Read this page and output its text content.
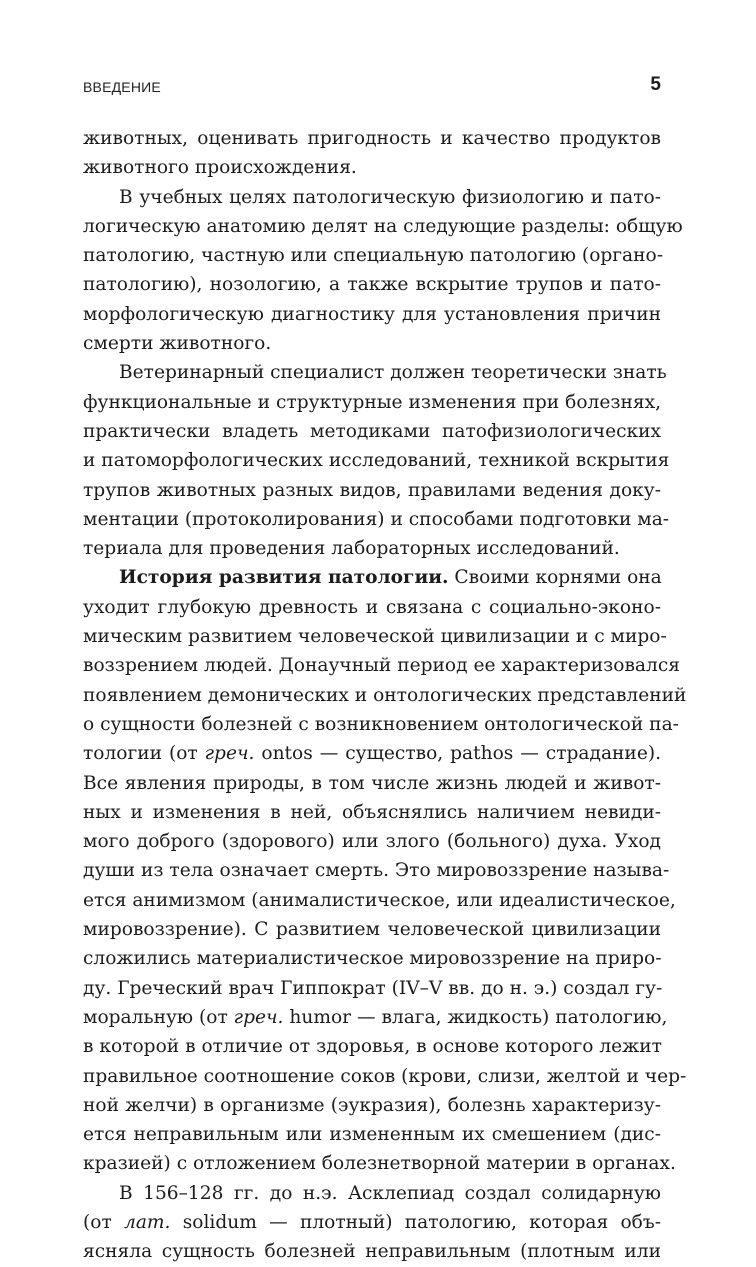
ВВЕДЕНИЕ	5
животных, оценивать пригодность и качество продуктов
животного происхождения.
В учебных целях патологическую физиологию и пато-
логическую анатомию делят на следующие разделы: общую
патологию, частную или специальную патологию (органо-
патологию), нозологию, а также вскрытие трупов и пато-
морфологическую диагностику для установления причин
смерти животного.
Ветеринарный специалист должен теоретически знать
функциональные и структурные изменения при болезнях,
практически владеть методиками патофизиологических
и патоморфологических исследований, техникой вскрытия
трупов животных разных видов, правилами ведения доку-
ментации (протоколирования) и способами подготовки ма-
териала для проведения лабораторных исследований.
История развития патологии. Своими корнями она
уходит глубокую древность и связана с социально-эконо-
мическим развитием человеческой цивилизации и с миро-
воззрением людей. Донаучный период ее характеризовался
появлением демонических и онтологических представлений
о сущности болезней с возникновением онтологической па-
тологии (от греч. ontos — существо, pathos — страдание).
Все явления природы, в том числе жизнь людей и живот-
ных и изменения в ней, объяснялись наличием невиди-
мого доброго (здорового) или злого (больного) духа. Уход
души из тела означает смерть. Это мировоззрение называ-
ется анимизмом (анималистическое, или идеалистическое,
мировоззрение). С развитием человеческой цивилизации
сложились материалистическое мировоззрение на приро-
ду. Греческий врач Гиппократ (IV–V вв. до н. э.) создал гу-
моральную (от греч. humor — влага, жидкость) патологию,
в которой в отличие от здоровья, в основе которого лежит
правильное соотношение соков (крови, слизи, желтой и чер-
ной желчи) в организме (эукразия), болезнь характеризу-
ется неправильным или измененным их смешением (дис-
кразией) с отложением болезнетворной материи в органах.
В 156–128 гг. до н.э. Асклепиад создал солидарную
(от лат. solidum — плотный) патологию, которая объ-
ясняла сущность болезней неправильным (плотным или
